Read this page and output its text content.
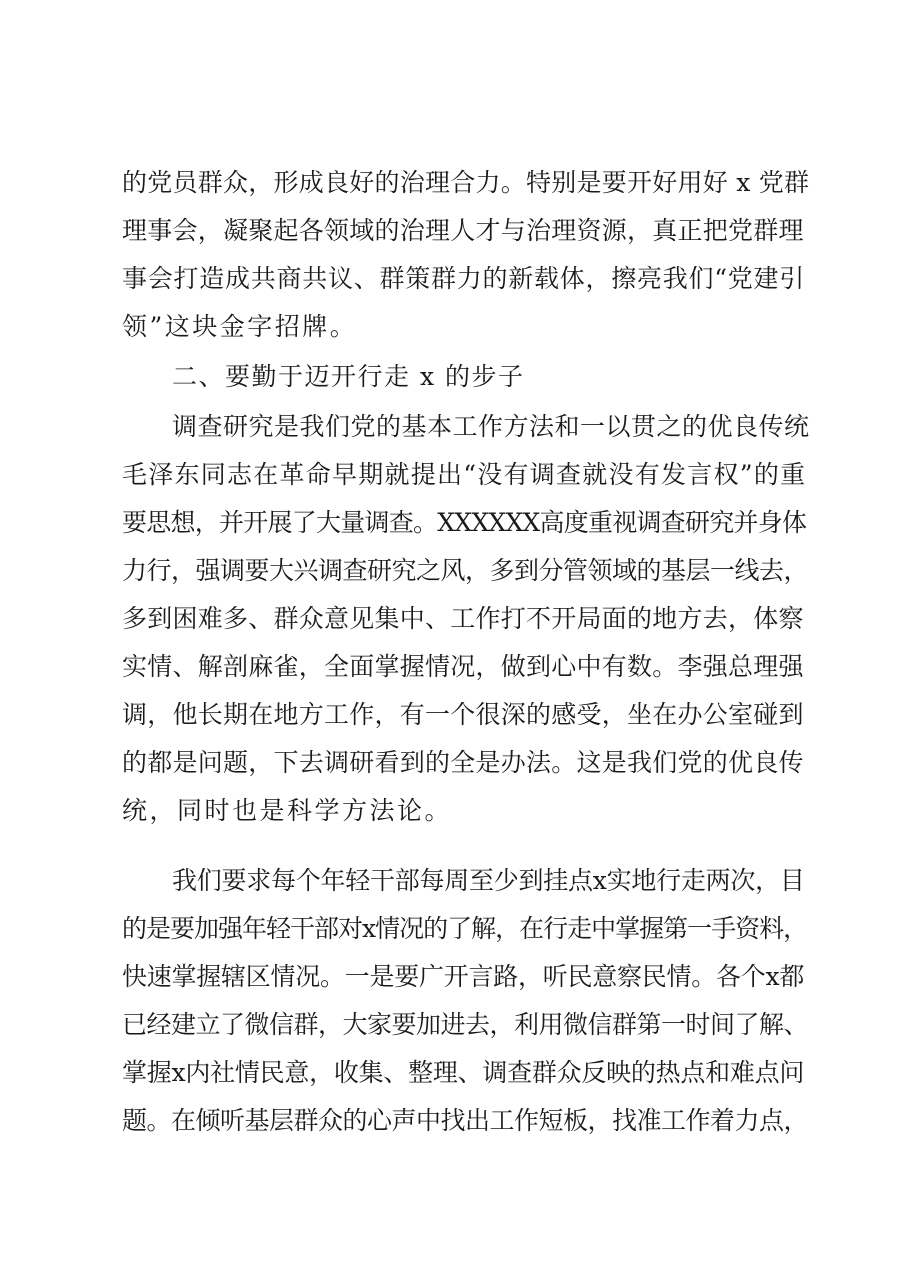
的党员群众，形成良好的治理合力。特别是要开好用好 x 党群
理事会，凝聚起各领域的治理人才与治理资源，真正把党群理
事会打造成共商共议、群策群力的新载体，擦亮我们“党建引
领”这块金字招牌。
二、要勤于迈开行走 x 的步子
调查研究是我们党的基本工作方法和一以贯之的优良传统
毛泽东同志在革命早期就提出“没有调查就没有发言权”的重
要思想，并开展了大量调查。XXXXXX高度重视调查研究并身体
力行，强调要大兴调查研究之风，多到分管领域的基层一线去，
多到困难多、群众意见集中、工作打不开局面的地方去，体察
实情、解剖麻雀，全面掌握情况，做到心中有数。李强总理强
调，他长期在地方工作，有一个很深的感受，坐在办公室碰到
的都是问题，下去调研看到的全是办法。这是我们党的优良传
统，同时也是科学方法论。
我们要求每个年轻干部每周至少到挂点x实地行走两次，目
的是要加强年轻干部对x情况的了解，在行走中掌握第一手资料，
快速掌握辖区情况。一是要广开言路，听民意察民情。各个x都
已经建立了微信群，大家要加进去，利用微信群第一时间了解、
掌握x内社情民意，收集、整理、调查群众反映的热点和难点问
题。在倾听基层群众的心声中找出工作短板，找准工作着力点，
